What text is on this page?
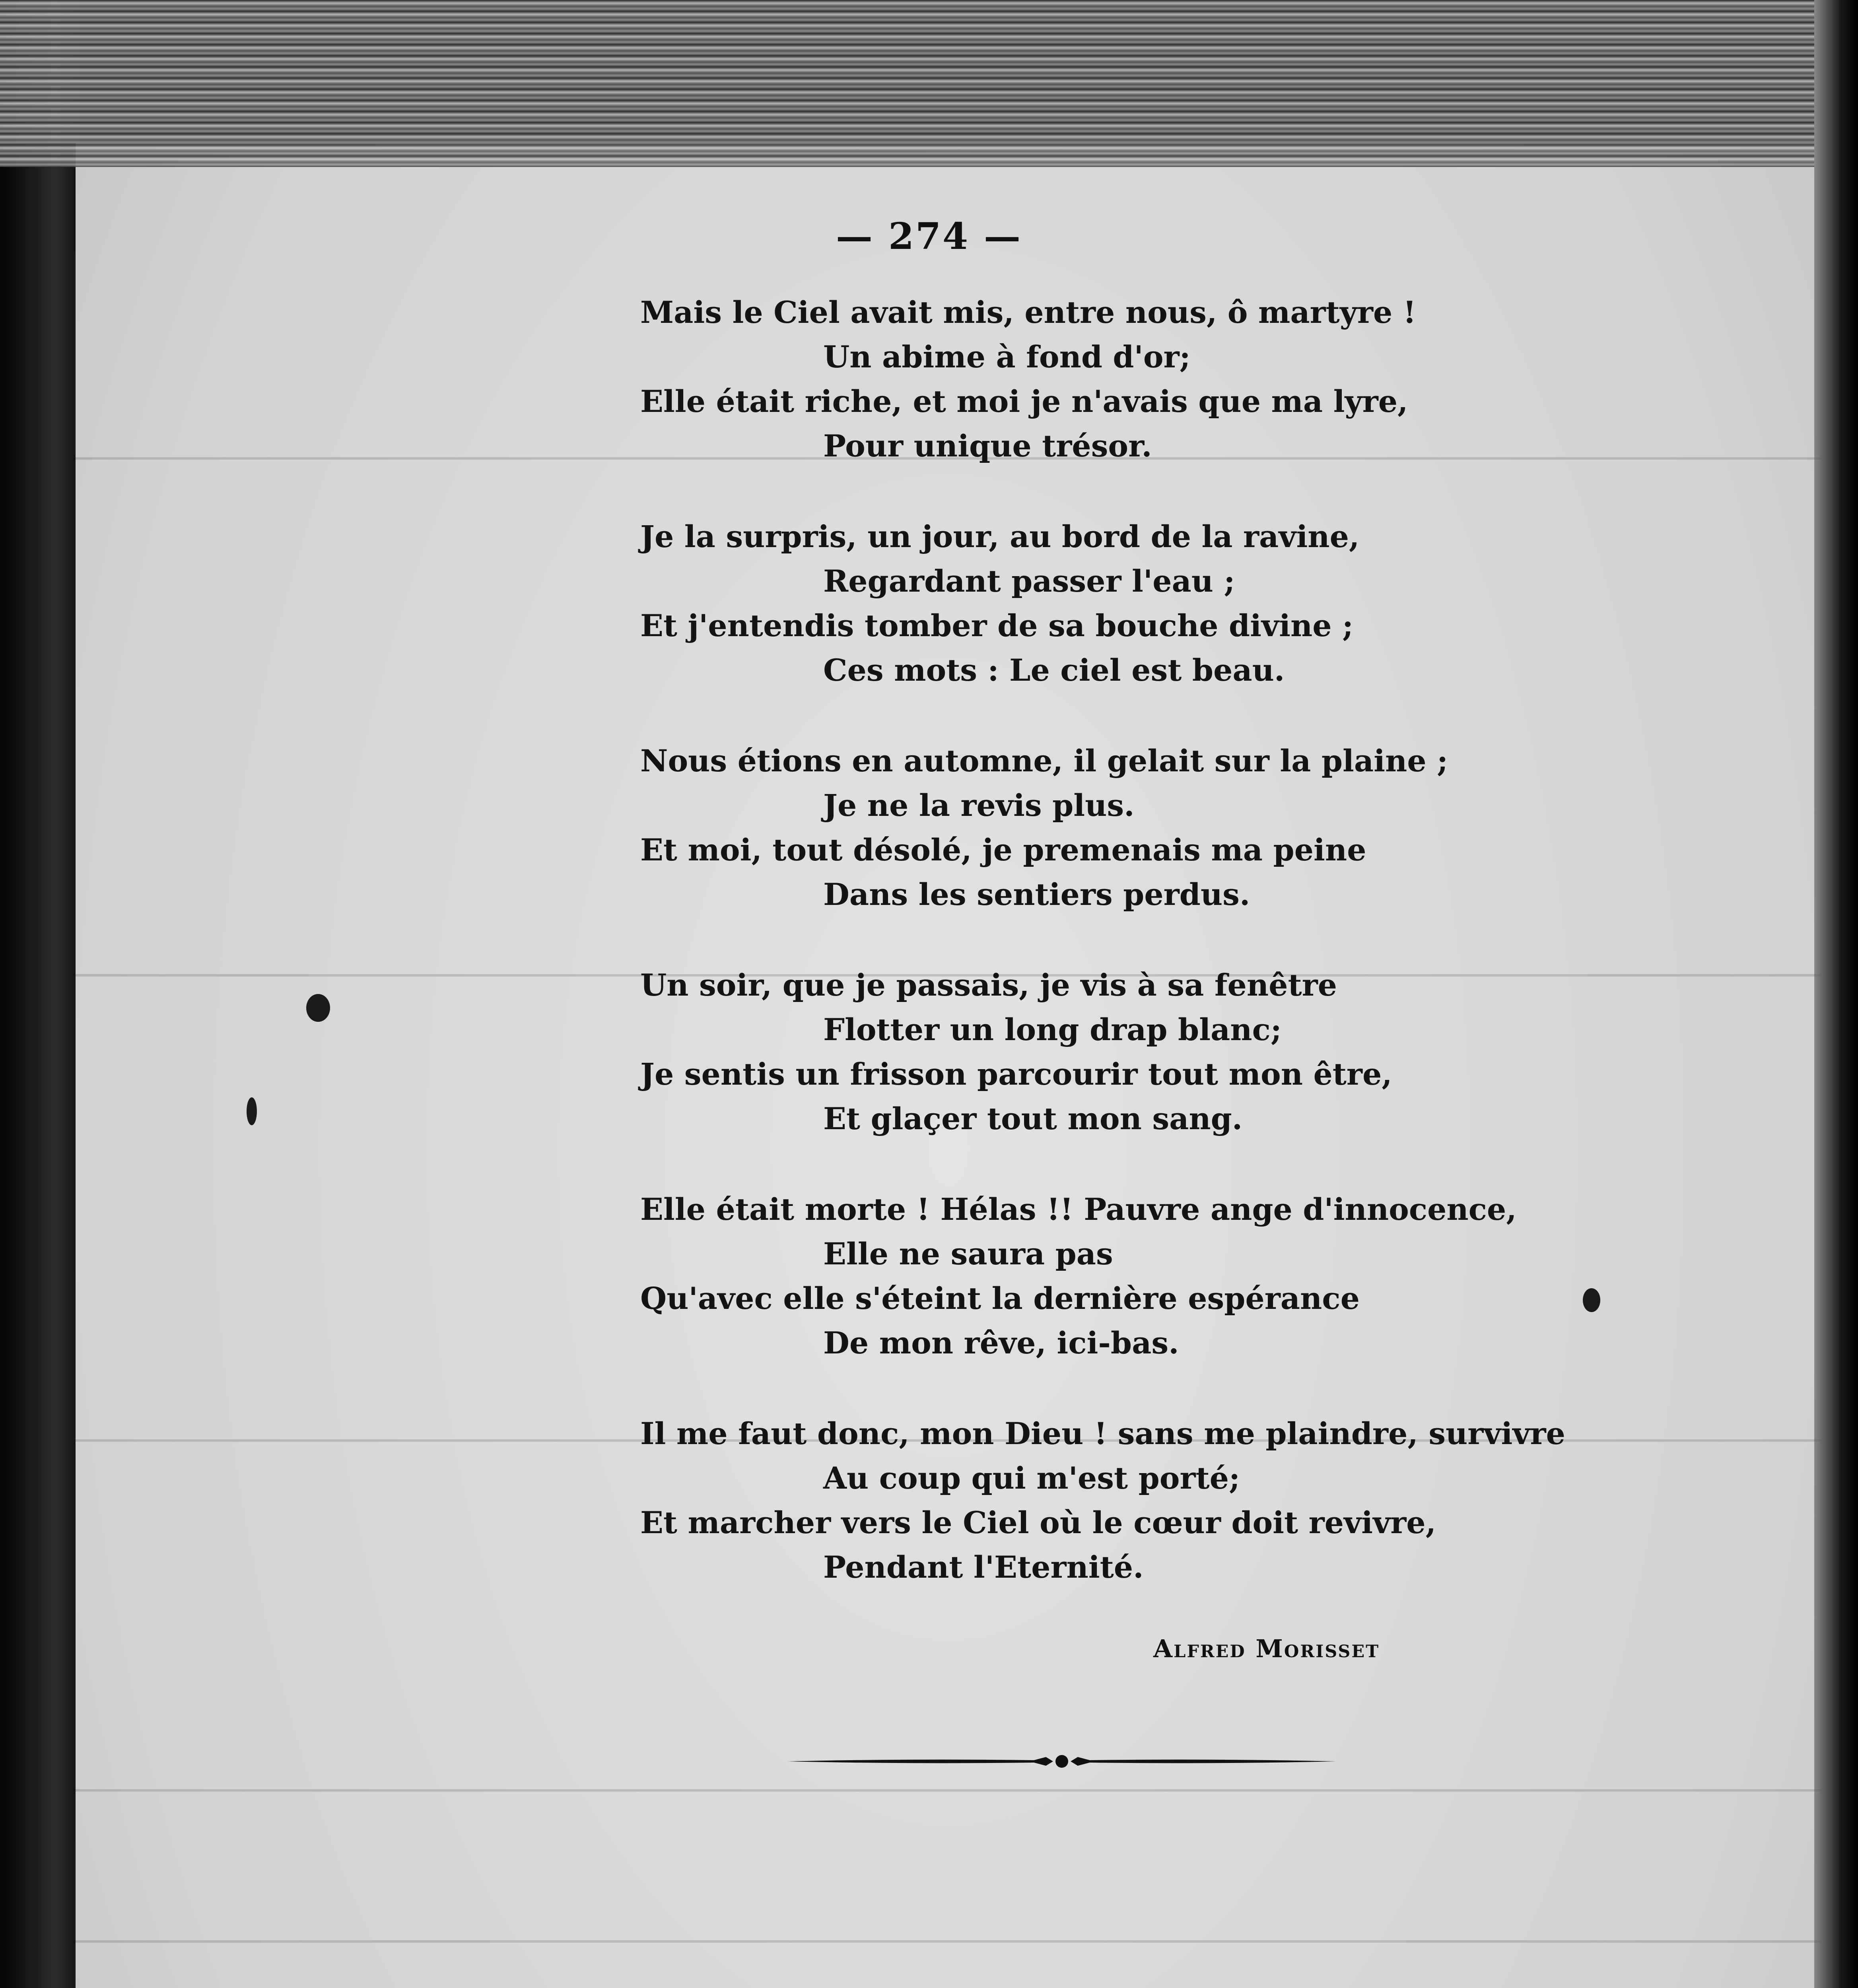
— 274 —
Mais le Ciel avait mis, entre nous, ô martyre !
Un abime à fond d'or;
Elle était riche, et moi je n'avais que ma lyre,
Pour unique trésor.
Je la surpris, un jour, au bord de la ravine,
Regardant passer l'eau ;
Et j'entendis tomber de sa bouche divine ;
Ces mots : Le ciel est beau.
Nous étions en automne, il gelait sur la plaine ;
Je ne la revis plus.
Et moi, tout désolé, je premenais ma peine
Dans les sentiers perdus.
Un soir, que je passais, je vis à sa fenêtre
Flotter un long drap blanc;
Je sentis un frisson parcourir tout mon être,
Et glaçer tout mon sang.
Elle était morte ! Hélas !! Pauvre ange d'innocence,
Elle ne saura pas
Qu'avec elle s'éteint la dernière espérance
De mon rêve, ici-bas.
Il me faut donc, mon Dieu ! sans me plaindre, survivre
Au coup qui m'est porté;
Et marcher vers le Ciel où le cœur doit revivre,
Pendant l'Eternité.
Alfred Morisset
